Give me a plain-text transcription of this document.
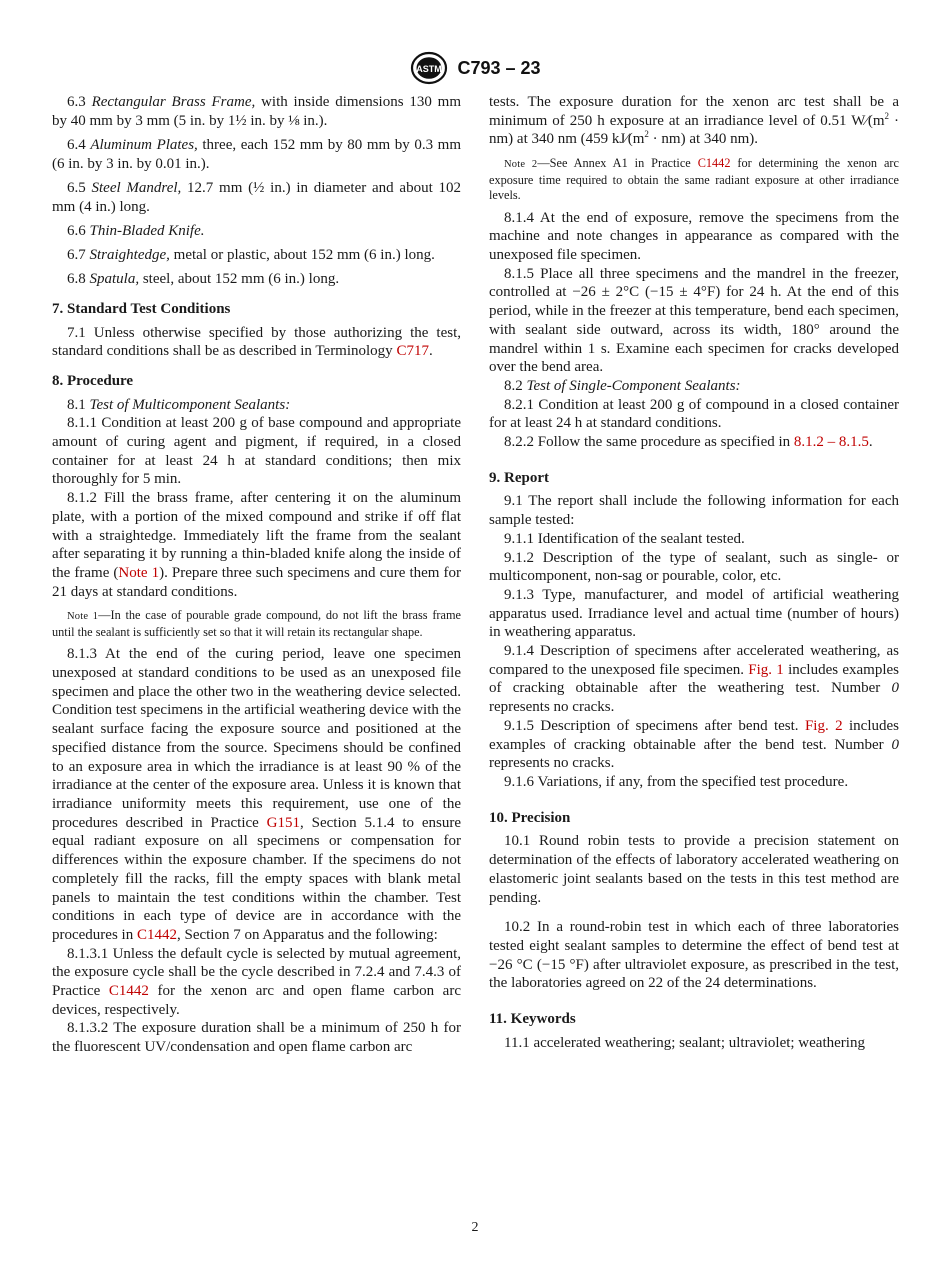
ASTM C793 – 23

6.3 Rectangular Brass Frame, with inside dimensions 130 mm by 40 mm by 3 mm (5 in. by 1½ in. by ⅛ in.).

6.4 Aluminum Plates, three, each 152 mm by 80 mm by 0.3 mm (6 in. by 3 in. by 0.01 in.).

6.5 Steel Mandrel, 12.7 mm (½ in.) in diameter and about 102 mm (4 in.) long.

6.6 Thin-Bladed Knife.

6.7 Straightedge, metal or plastic, about 152 mm (6 in.) long.

6.8 Spatula, steel, about 152 mm (6 in.) long.

7. Standard Test Conditions

7.1 Unless otherwise specified by those authorizing the test, standard conditions shall be as described in Terminology C717.

8. Procedure

8.1 Test of Multicomponent Sealants:

8.1.1 Condition at least 200 g of base compound and appropriate amount of curing agent and pigment, if required, in a closed container for at least 24 h at standard conditions; then mix thoroughly for 5 min.

8.1.2 Fill the brass frame, after centering it on the aluminum plate, with a portion of the mixed compound and strike if off flat with a straightedge. Immediately lift the frame from the sealant after separating it by running a thin-bladed knife along the inside of the frame (Note 1). Prepare three such specimens and cure them for 21 days at standard conditions.

Note 1—In the case of pourable grade compound, do not lift the brass frame until the sealant is sufficiently set so that it will retain its rectangular shape.

8.1.3 At the end of the curing period, leave one specimen unexposed at standard conditions to be used as an unexposed file specimen and place the other two in the weathering device selected. Condition test specimens in the artificial weathering device with the sealant surface facing the exposure source and positioned at the specified distance from the source. Specimens should be confined to an exposure area in which the irradiance is at least 90 % of the irradiance at the center of the exposure area. Unless it is known that irradiance uniformity meets this requirement, use one of the procedures described in Practice G151, Section 5.1.4 to ensure equal radiant exposure on all specimens or compensation for differences within the exposure chamber. If the specimens do not completely fill the racks, fill the empty spaces with blank metal panels to maintain the test conditions within the chamber. Test conditions in each type of device are in accordance with the procedures in C1442, Section 7 on Apparatus and the following:

8.1.3.1 Unless the default cycle is selected by mutual agreement, the exposure cycle shall be the cycle described in 7.2.4 and 7.4.3 of Practice C1442 for the xenon arc and open flame carbon arc devices, respectively.

8.1.3.2 The exposure duration shall be a minimum of 250 h for the fluorescent UV/condensation and open flame carbon arc

tests. The exposure duration for the xenon arc test shall be a minimum of 250 h exposure at an irradiance level of 0.51 $W⁄(m^2 \cdot nm)$ at 340 nm (459 $kJ⁄(m^2 \cdot nm)$ at 340 nm).

Note 2—See Annex A1 in Practice C1442 for determining the xenon arc exposure time required to obtain the same radiant exposure at other irradiance levels.

8.1.4 At the end of exposure, remove the specimens from the machine and note changes in appearance as compared with the unexposed file specimen.

8.1.5 Place all three specimens and the mandrel in the freezer, controlled at −26 ± 2°C (−15 ± 4°F) for 24 h. At the end of this period, while in the freezer at this temperature, bend each specimen, with sealant side outward, across its width, 180° around the mandrel within 1 s. Examine each specimen for cracks developed over the bend area.

8.2 Test of Single-Component Sealants:

8.2.1 Condition at least 200 g of compound in a closed container for at least 24 h at standard conditions.

8.2.2 Follow the same procedure as specified in 8.1.2 – 8.1.5.

9. Report

9.1 The report shall include the following information for each sample tested:

9.1.1 Identification of the sealant tested.

9.1.2 Description of the type of sealant, such as single- or multicomponent, non-sag or pourable, color, etc.

9.1.3 Type, manufacturer, and model of artificial weathering apparatus used. Irradiance level and actual time (number of hours) in weathering apparatus.

9.1.4 Description of specimens after accelerated weathering, as compared to the unexposed file specimen. Fig. 1 includes examples of cracking obtainable after the weathering test. Number 0 represents no cracks.

9.1.5 Description of specimens after bend test. Fig. 2 includes examples of cracking obtainable after the bend test. Number 0 represents no cracks.

9.1.6 Variations, if any, from the specified test procedure.

10. Precision

10.1 Round robin tests to provide a precision statement on determination of the effects of laboratory accelerated weathering on elastomeric joint sealants based on the tests in this test method are pending.

10.2 In a round-robin test in which each of three laboratories tested eight sealant samples to determine the effect of bend test at −26 °C (−15 °F) after ultraviolet exposure, as prescribed in the test, the laboratories agreed on 22 of the 24 determinations.

11. Keywords

11.1 accelerated weathering; sealant; ultraviolet; weathering

2
